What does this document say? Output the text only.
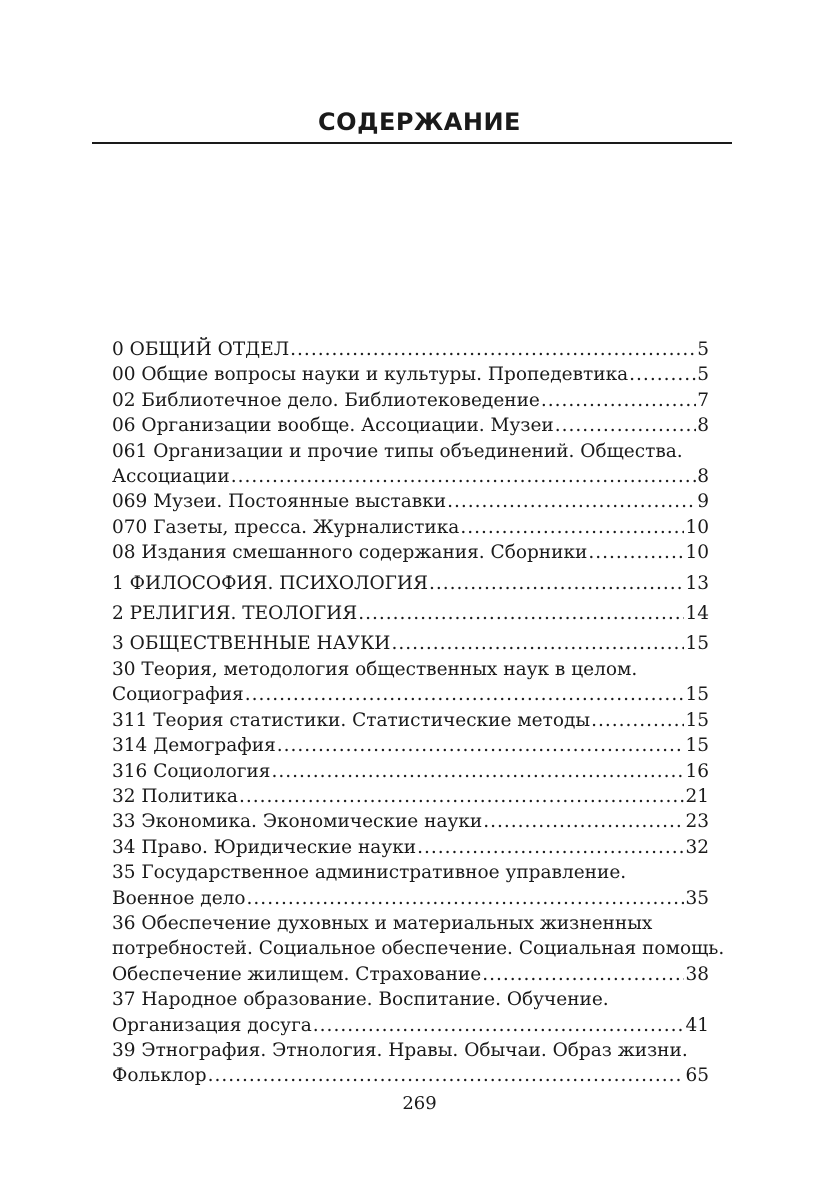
СОДЕРЖАНИЕ
0 ОБЩИЙ ОТДЕЛ .....	5
00 Общие вопросы науки и культуры. Пропедевтика .....	5
02 Библиотечное дело. Библиотековедение .....	7
06 Организации вообще. Ассоциации. Музеи .....	8
061 Организации и прочие типы объединений. Общества.
Ассоциации .....	8
069 Музеи. Постоянные выставки .....	9
070 Газеты, пресса. Журналистика .....	10
08 Издания смешанного содержания. Сборники .....	10
1 ФИЛОСОФИЯ. ПСИХОЛОГИЯ .....	13
2 РЕЛИГИЯ. ТЕОЛОГИЯ .....	14
3 ОБЩЕСТВЕННЫЕ НАУКИ .....	15
30 Теория, методология общественных наук в целом.
Социография .....	15
311 Теория статистики. Статистические методы .....	15
314 Демография .....	15
316 Социология .....	16
32 Политика .....	21
33 Экономика. Экономические науки .....	23
34 Право. Юридические науки .....	32
35 Государственное административное управление.
Военное дело .....	35
36 Обеспечение духовных и материальных жизненных
потребностей. Социальное обеспечение. Социальная помощь.
Обеспечение жилищем. Страхование .....	38
37 Народное образование. Воспитание. Обучение.
Организация досуга .....	41
39 Этнография. Этнология. Нравы. Обычаи. Образ жизни.
Фольклор .....	65
269
